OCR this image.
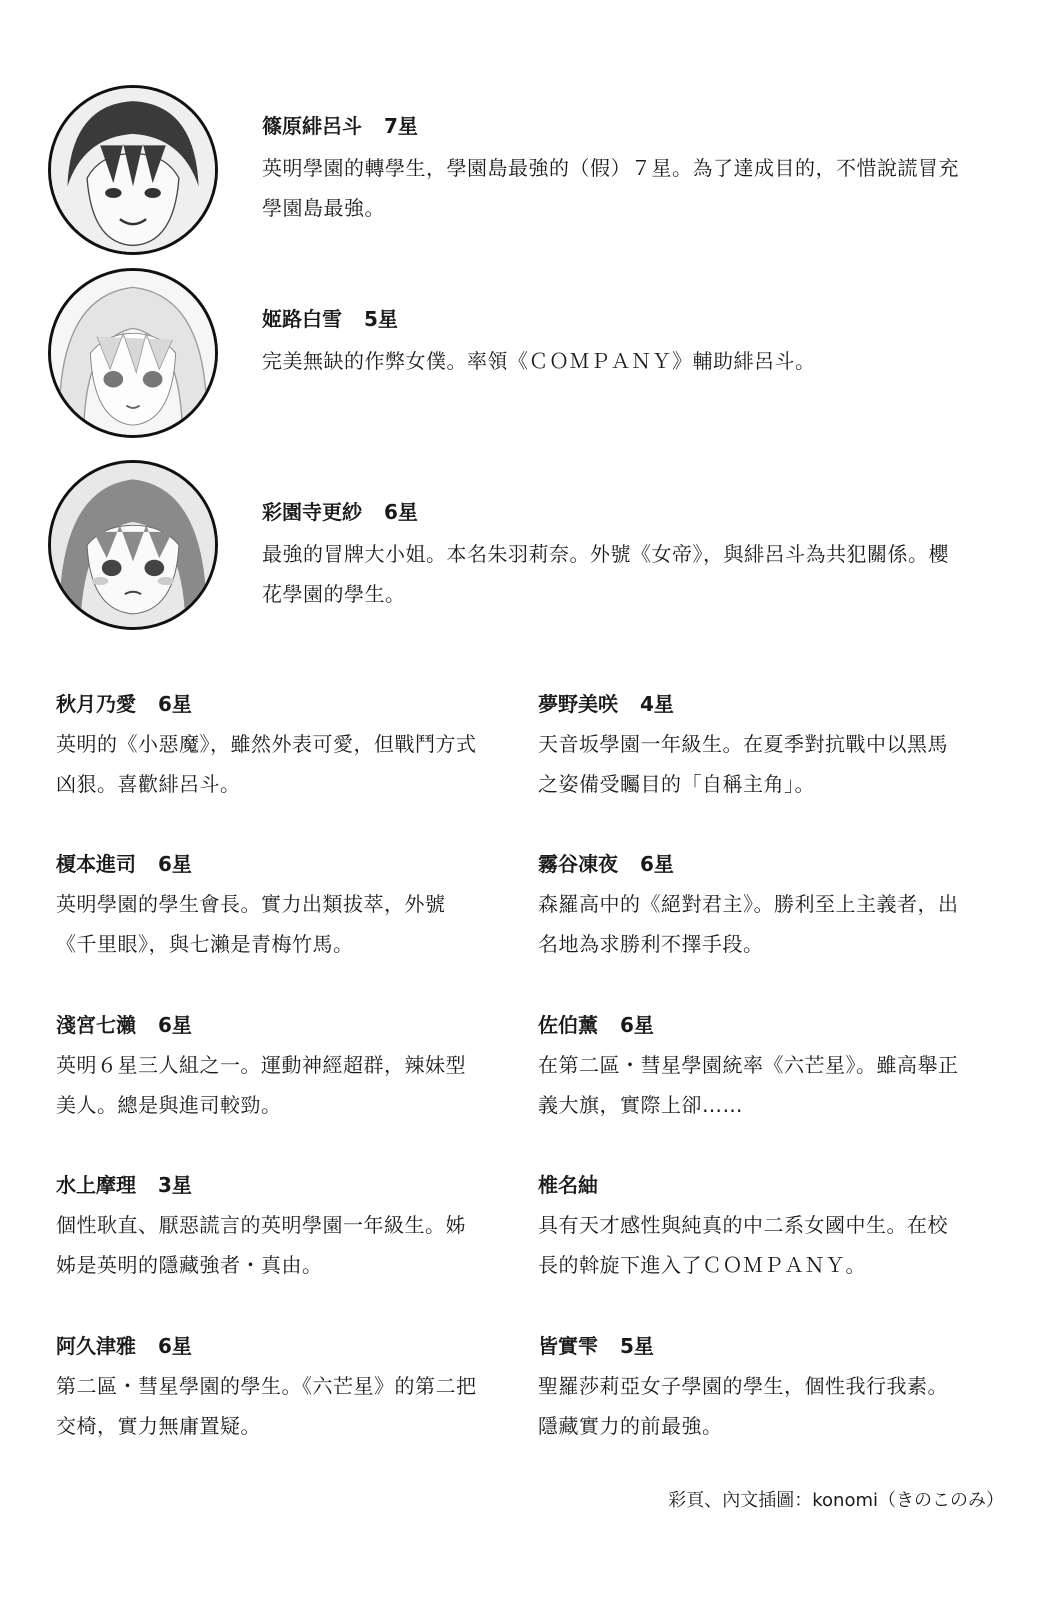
篠原緋呂斗 7星

英明學園的轉學生，學園島最強的（假）７星。為了達成目的，不惜說謊冒充學園島最強。

姬路白雪 5星

完美無缺的作弊女僕。率領《ＣＯＭＰＡＮＹ》輔助緋呂斗。

彩園寺更紗 6星

最強的冒牌大小姐。本名朱羽莉奈。外號《女帝》，與緋呂斗為共犯關係。櫻花學園的學生。

秋月乃愛 6星

英明的《小惡魔》，雖然外表可愛，但戰鬥方式凶狠。喜歡緋呂斗。

榎本進司 6星

英明學園的學生會長。實力出類拔萃，外號《千里眼》，與七瀨是青梅竹馬。

淺宮七瀨 6星

英明６星三人組之一。運動神經超群，辣妹型美人。總是與進司較勁。

水上摩理 3星

個性耿直、厭惡謊言的英明學園一年級生。姊姊是英明的隱藏強者・真由。

阿久津雅 6星

第二區・彗星學園的學生。《六芒星》的第二把交椅，實力無庸置疑。

夢野美咲 4星

天音坂學園一年級生。在夏季對抗戰中以黑馬之姿備受矚目的「自稱主角」。

霧谷凍夜 6星

森羅高中的《絕對君主》。勝利至上主義者，出名地為求勝利不擇手段。

佐伯薰 6星

在第二區・彗星學園統率《六芒星》。雖高舉正義大旗，實際上卻……

椎名紬

具有天才感性與純真的中二系女國中生。在校長的斡旋下進入了ＣＯＭＰＡＮＹ。

皆實雫 5星

聖羅莎莉亞女子學園的學生，個性我行我素。隱藏實力的前最強。

彩頁、內文插圖：konomi（きのこのみ）
